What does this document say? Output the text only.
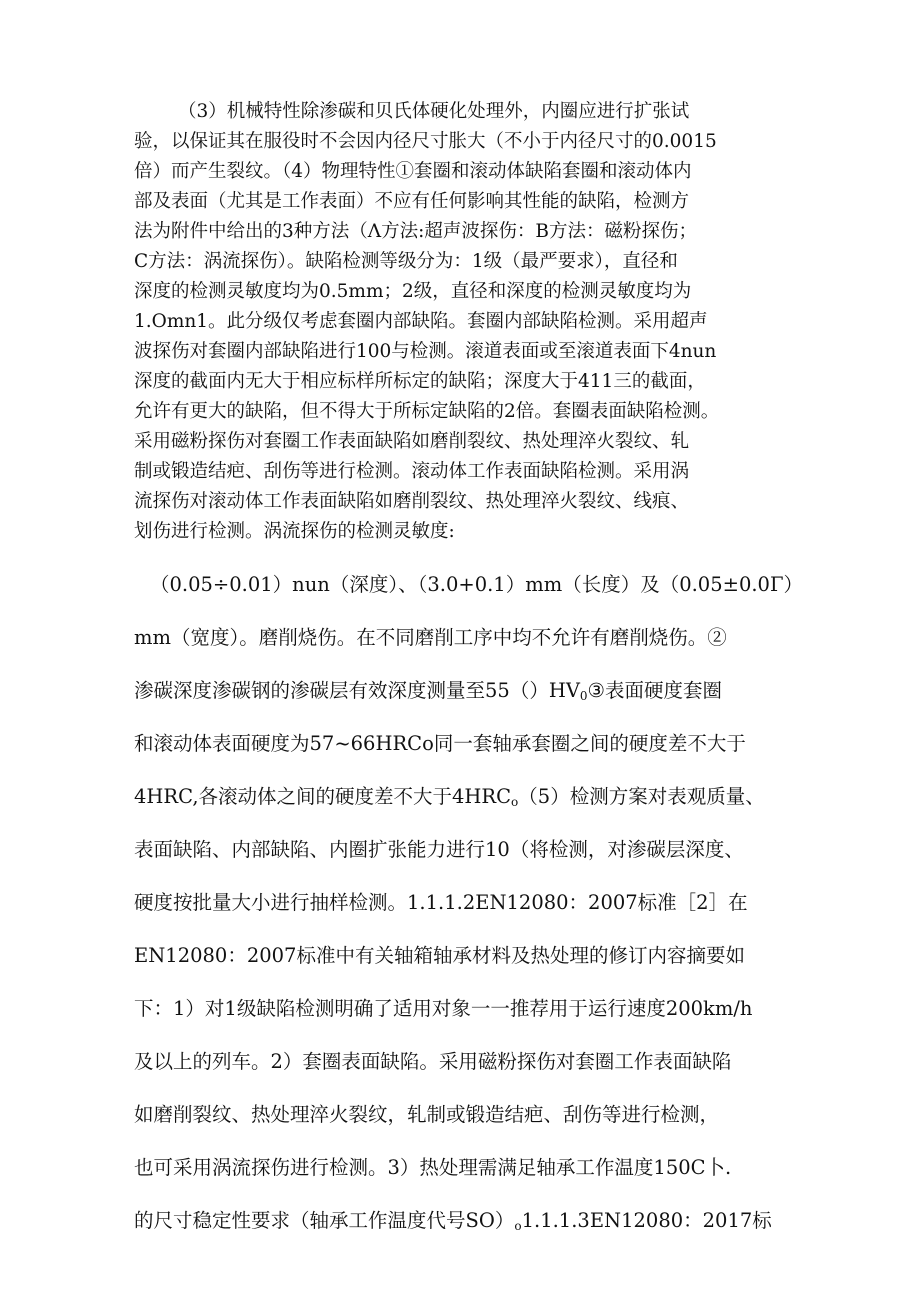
（3）机械特性除渗碳和贝氏体硬化处理外，内圈应进行扩张试

验，以保证其在服役时不会因内径尺寸胀大（不小于内径尺寸的0.0015

倍）而产生裂纹。（4）物理特性①套圈和滚动体缺陷套圈和滚动体内

部及表面（尤其是工作表面）不应有任何影响其性能的缺陷，检测方

法为附件中给出的3种方法（Λ方法:超声波探伤：B方法：磁粉探伤；

C方法：涡流探伤）。缺陷检测等级分为：1级（最严要求），直径和

深度的检测灵敏度均为0.5mm；2级，直径和深度的检测灵敏度均为

1.Omn1。此分级仅考虑套圈内部缺陷。套圈内部缺陷检测。采用超声

波探伤对套圈内部缺陷进行100与检测。滚道表面或至滚道表面下4nun

深度的截面内无大于相应标样所标定的缺陷；深度大于411三的截面，

允许有更大的缺陷，但不得大于所标定缺陷的2倍。套圈表面缺陷检测。

采用磁粉探伤对套圈工作表面缺陷如磨削裂纹、热处理淬火裂纹、轧

制或锻造结疤、刮伤等进行检测。滚动体工作表面缺陷检测。采用涡

流探伤对滚动体工作表面缺陷如磨削裂纹、热处理淬火裂纹、线痕、

划伤进行检测。涡流探伤的检测灵敏度:

（0.05÷0.01）nun（深度）、（3.0+0.1）mm（长度）及（0.05±0.0Γ）

mm（宽度）。磨削烧伤。在不同磨削工序中均不允许有磨削烧伤。②

渗碳深度渗碳钢的渗碳层有效深度测量至$55()HV_0③$表面硬度套圈

和滚动体表面硬度为57~66HRCo同一套轴承套圈之间的硬度差不大于

4HRC,各滚动体之间的硬度差不大于$4HRC_o(5)$检测方案对表观质量、

表面缺陷、内部缺陷、内圈扩张能力进行10（将检测，对渗碳层深度、

硬度按批量大小进行抽样检测。1.1.1.2EN12080：2007标准［2］在

EN12080：2007标准中有关轴箱轴承材料及热处理的修订内容摘要如

下：1）对1级缺陷检测明确了适用对象一一推荐用于运行速度200km/h

及以上的列车。2）套圈表面缺陷。采用磁粉探伤对套圈工作表面缺陷

如磨削裂纹、热处理淬火裂纹，轧制或锻造结疤、刮伤等进行检测，

也可采用涡流探伤进行检测。3）热处理需满足轴承工作温度150C卜.

的尺寸稳定性要求（轴承工作温度代号$SO)_o1.1.1.3EN12080$：2017标
